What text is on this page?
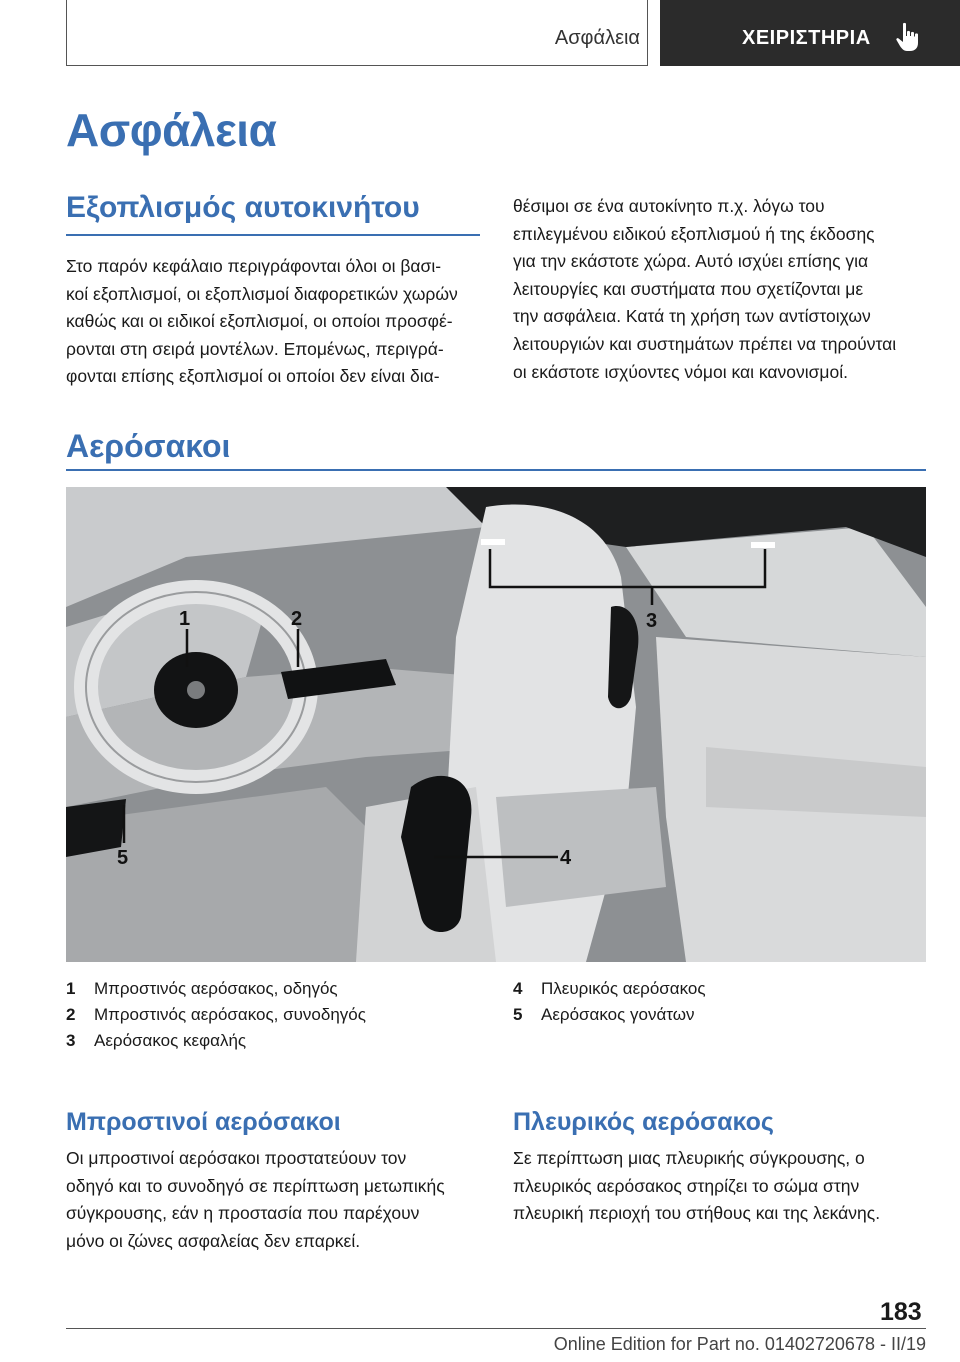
Ασφάλεια	ΧΕΙΡΙΣΤΗΡΙΑ
Ασφάλεια
Εξοπλισμός αυτοκινήτου
Στο παρόν κεφάλαιο περιγράφονται όλοι οι βασι-
κοί εξοπλισμοί, οι εξοπλισμοί διαφορετικών χωρών
καθώς και οι ειδικοί εξοπλισμοί, οι οποίοι προσφέ-
ρονται στη σειρά μοντέλων. Επομένως, περιγρά-
φονται επίσης εξοπλισμοί οι οποίοι δεν είναι δια-
θέσιμοι σε ένα αυτοκίνητο π.χ. λόγω του
επιλεγμένου ειδικού εξοπλισμού ή της έκδοσης
για την εκάστοτε χώρα. Αυτό ισχύει επίσης για
λειτουργίες και συστήματα που σχετίζονται με
την ασφάλεια. Κατά τη χρήση των αντίστοιχων
λειτουργιών και συστημάτων πρέπει να τηρούνται
οι εκάστοτε ισχύοντες νόμοι και κανονισμοί.
Αερόσακοι
1	2	3
4
5
1	Μπροστινός αερόσακος, οδηγός
2	Μπροστινός αερόσακος, συνοδηγός
3	Αερόσακος κεφαλής
4	Πλευρικός αερόσακος
5	Αερόσακος γονάτων
Μπροστινοί αερόσακοι
Οι μπροστινοί αερόσακοι προστατεύουν τον
οδηγό και το συνοδηγό σε περίπτωση μετωπικής
σύγκρουσης, εάν η προστασία που παρέχουν
μόνο οι ζώνες ασφαλείας δεν επαρκεί.
Πλευρικός αερόσακος
Σε περίπτωση μιας πλευρικής σύγκρουσης, ο
πλευρικός αερόσακος στηρίζει το σώμα στην
πλευρική περιοχή του στήθους και της λεκάνης.
183
Online Edition for Part no. 01402720678 - II/19
